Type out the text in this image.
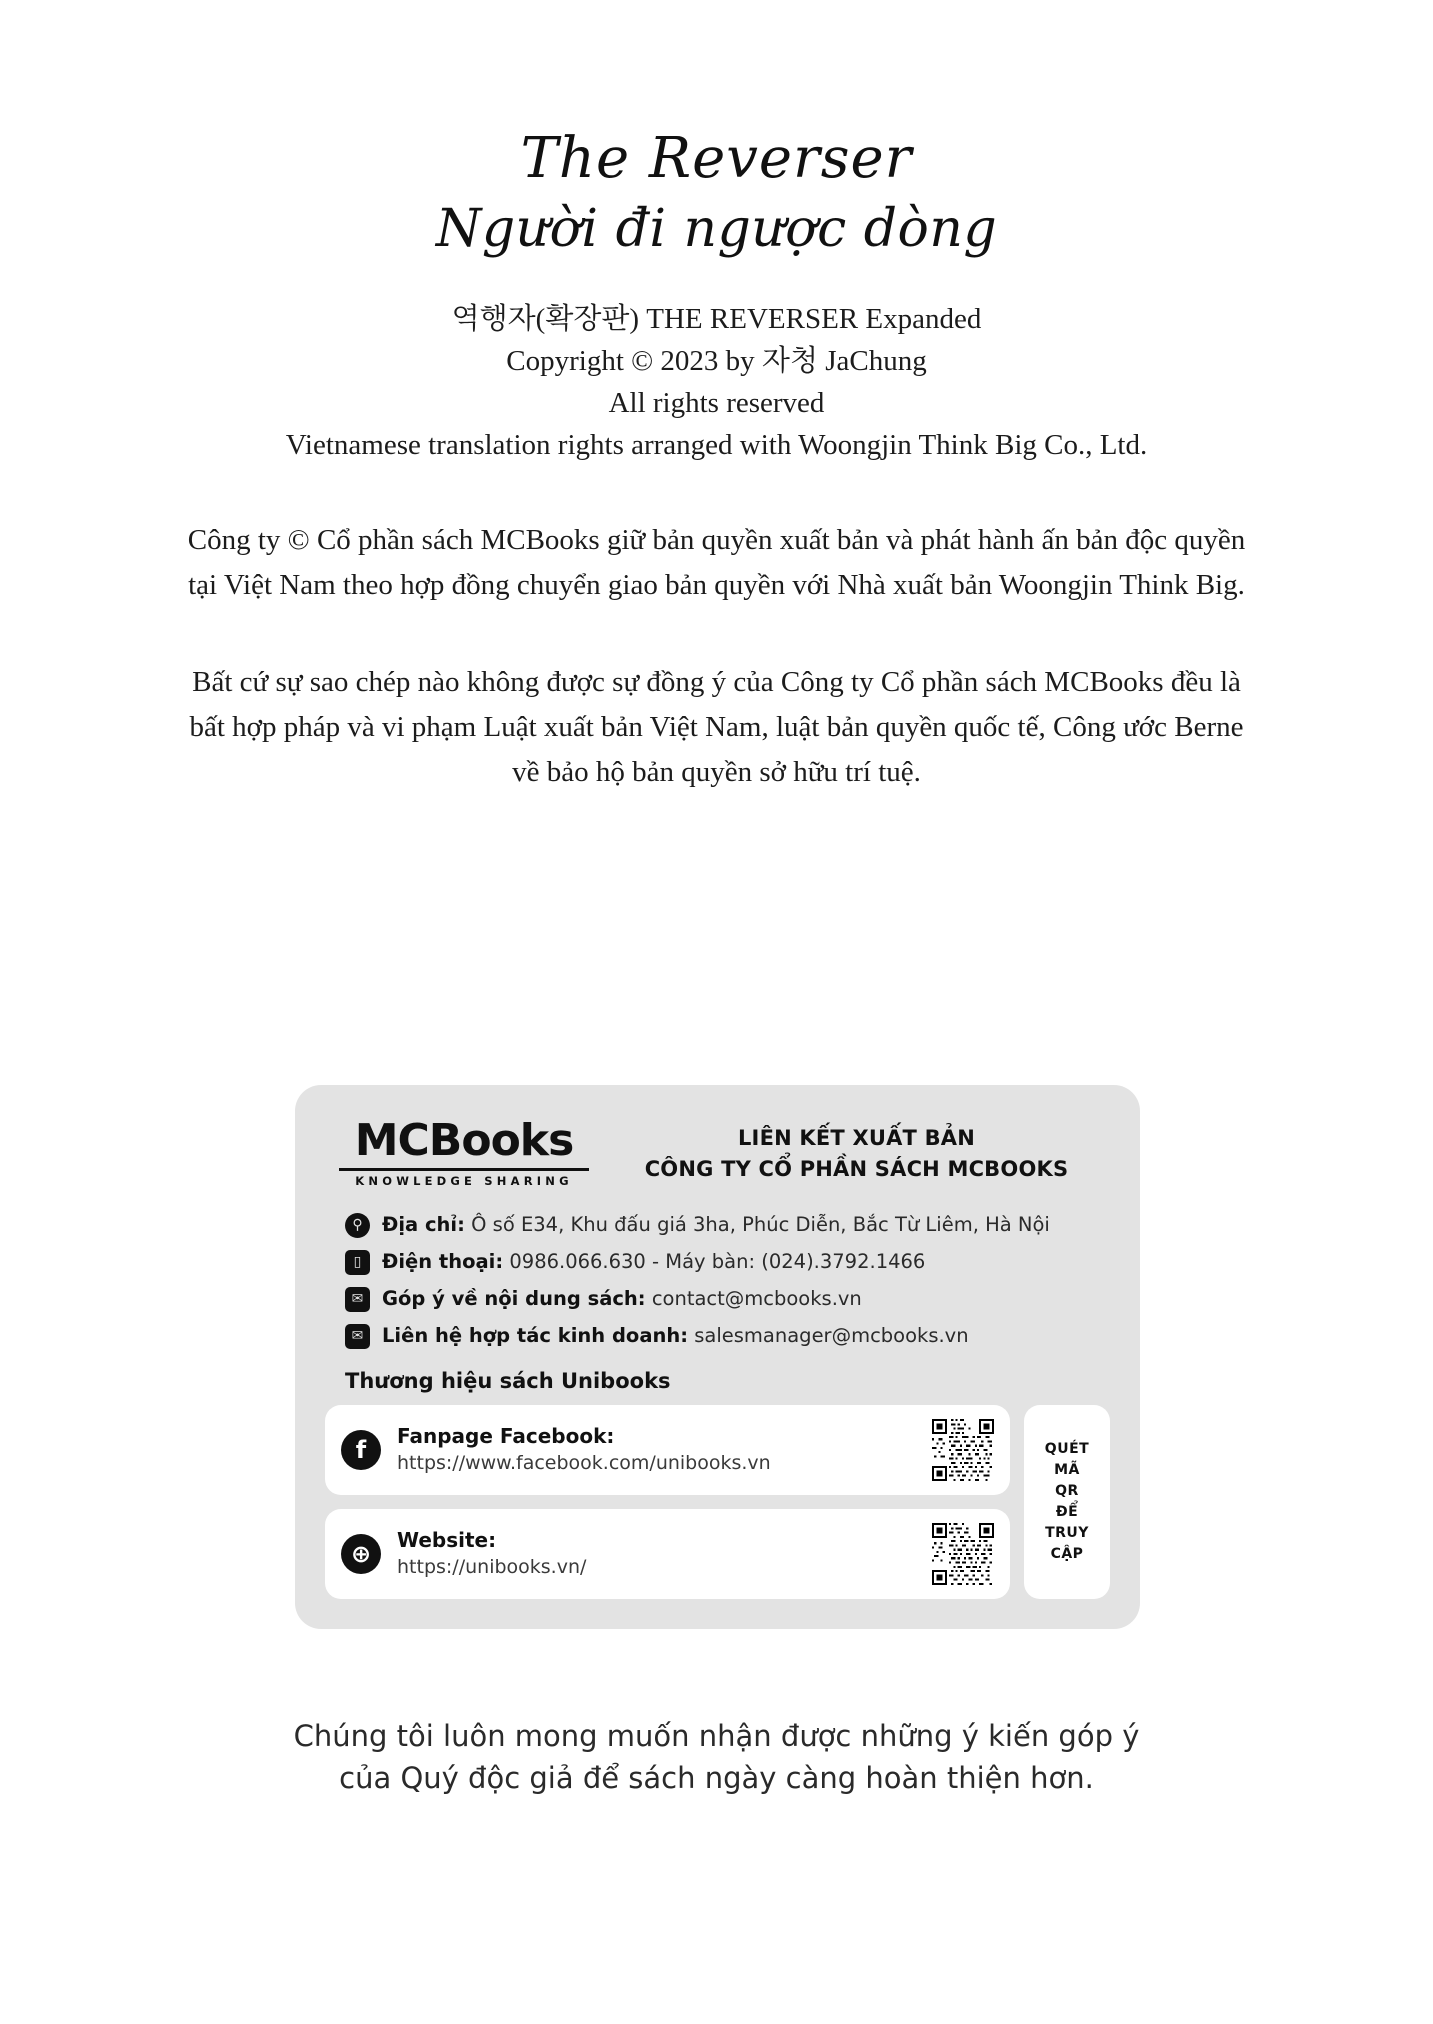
The Reverser
Người đi ngược dòng
역행자(확장판) THE REVERSER Expanded
Copyright © 2023 by 자청 JaChung
All rights reserved
Vietnamese translation rights arranged with Woongjin Think Big Co., Ltd.

Công ty © Cổ phần sách MCBooks giữ bản quyền xuất bản và phát hành ấn bản độc quyền tại Việt Nam theo hợp đồng chuyển giao bản quyền với Nhà xuất bản Woongjin Think Big.

Bất cứ sự sao chép nào không được sự đồng ý của Công ty Cổ phần sách MCBooks đều là bất hợp pháp và vi phạm Luật xuất bản Việt Nam, luật bản quyền quốc tế, Công ước Berne về bảo hộ bản quyền sở hữu trí tuệ.

MCBooks
KNOWLEDGE SHARING
LIÊN KẾT XUẤT BẢN
CÔNG TY CỔ PHẦN SÁCH MCBOOKS
⚲ Địa chỉ: Ô số E34, Khu đấu giá 3ha, Phúc Diễn, Bắc Từ Liêm, Hà Nội
▯	Điện thoại: 0986.066.630 - Máy bàn: (024).3792.1466
✉ Góp ý về nội dung sách: contact@mcbooks.vn
✉ Liên hệ hợp tác kinh doanh: salesmanager@mcbooks.vn
Thương hiệu sách Unibooks
f	Fanpage Facebook:
https://www.facebook.com/unibooks.vn
⊕	Website:
https://unibooks.vn/
QUÉT
MÃ
QR
ĐỂ
TRUY
CẬP
Chúng tôi luôn mong muốn nhận được những ý kiến góp ý
của Quý độc giả để sách ngày càng hoàn thiện hơn.
